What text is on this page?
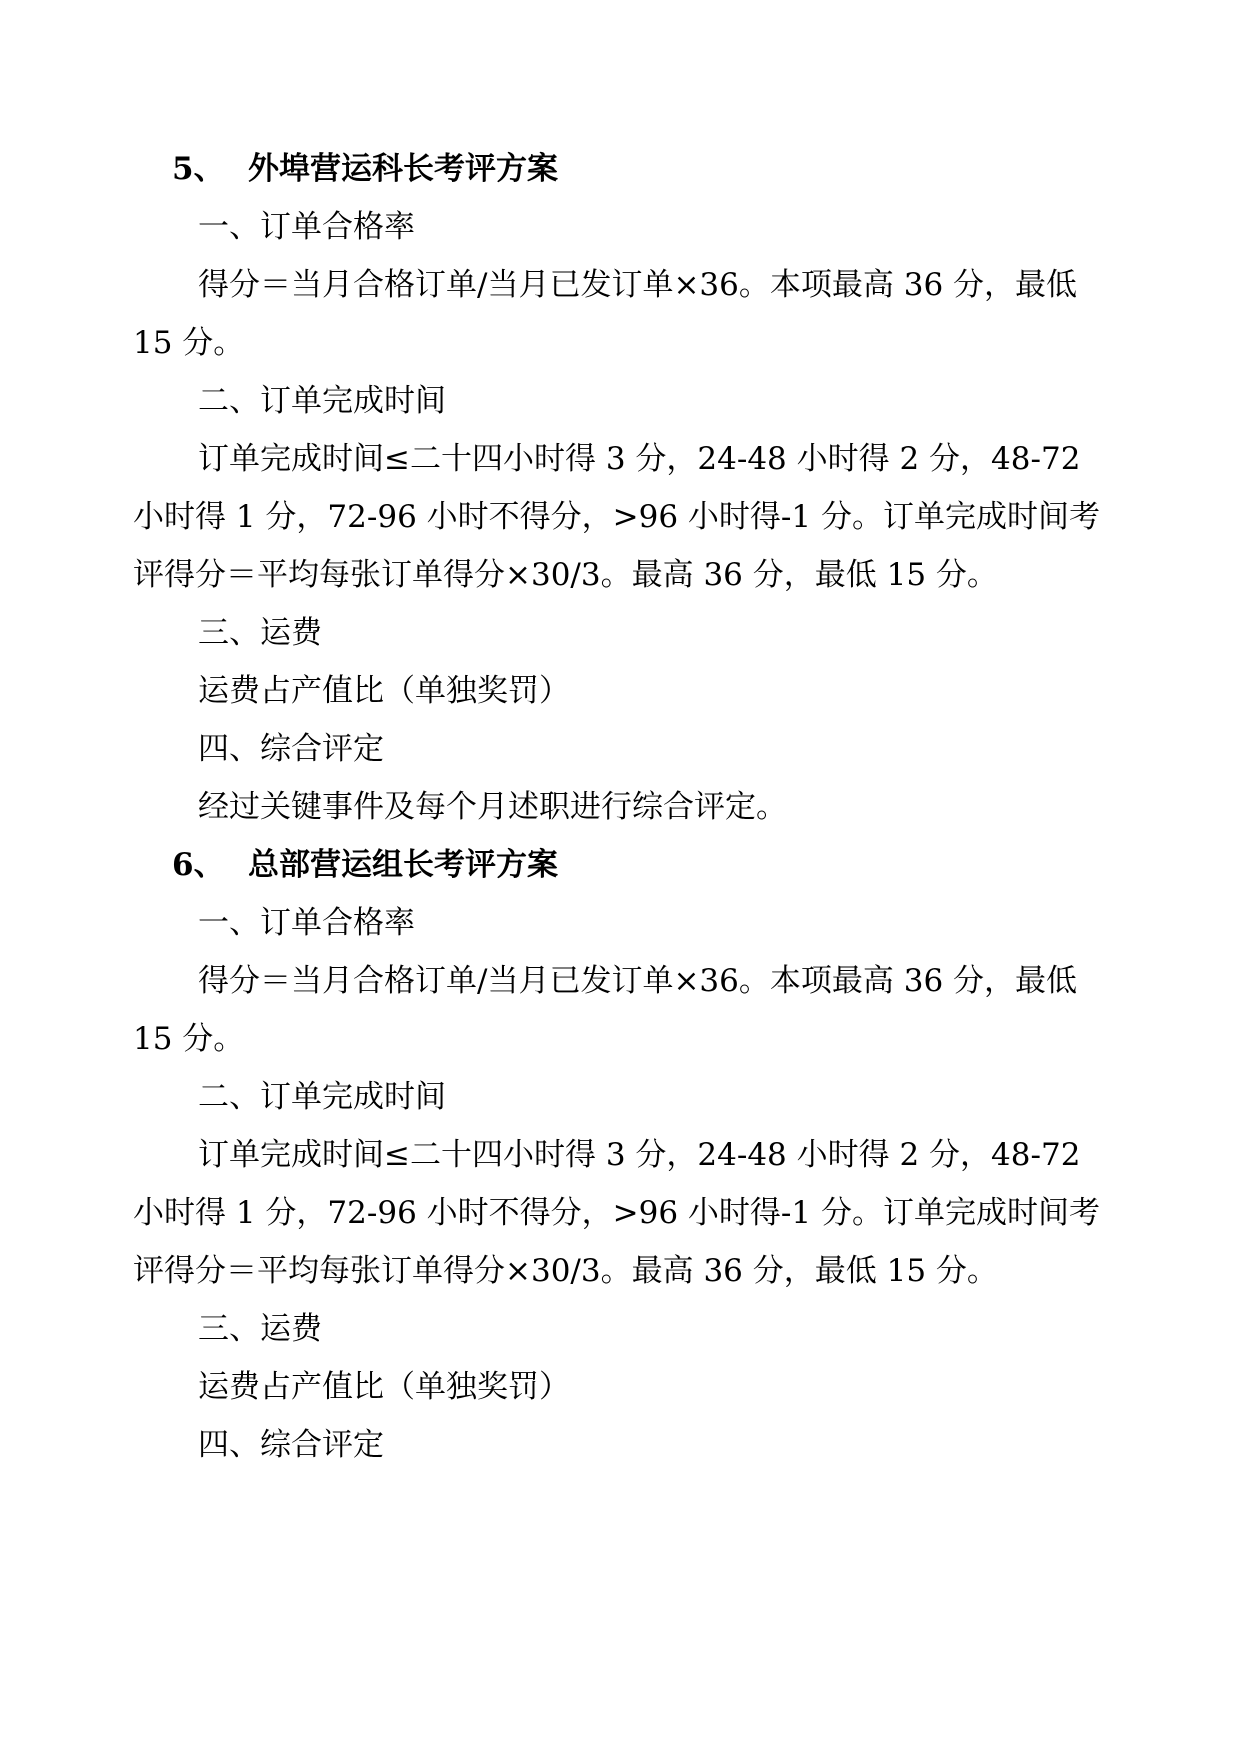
5、 外埠营运科长考评方案
一、订单合格率
得分＝当月合格订单/当月已发订单×36。本项最高 36 分，最低
15 分。
二、订单完成时间
订单完成时间≤二十四小时得 3 分，24-48 小时得 2 分，48-72
小时得 1 分，72-96 小时不得分，>96 小时得-1 分。订单完成时间考
评得分＝平均每张订单得分×30/3。最高 36 分，最低 15 分。
三、运费
运费占产值比（单独奖罚）
四、综合评定
经过关键事件及每个月述职进行综合评定。
6、 总部营运组长考评方案
一、订单合格率
得分＝当月合格订单/当月已发订单×36。本项最高 36 分，最低
15 分。
二、订单完成时间
订单完成时间≤二十四小时得 3 分，24-48 小时得 2 分，48-72
小时得 1 分，72-96 小时不得分，>96 小时得-1 分。订单完成时间考
评得分＝平均每张订单得分×30/3。最高 36 分，最低 15 分。
三、运费
运费占产值比（单独奖罚）
四、综合评定
